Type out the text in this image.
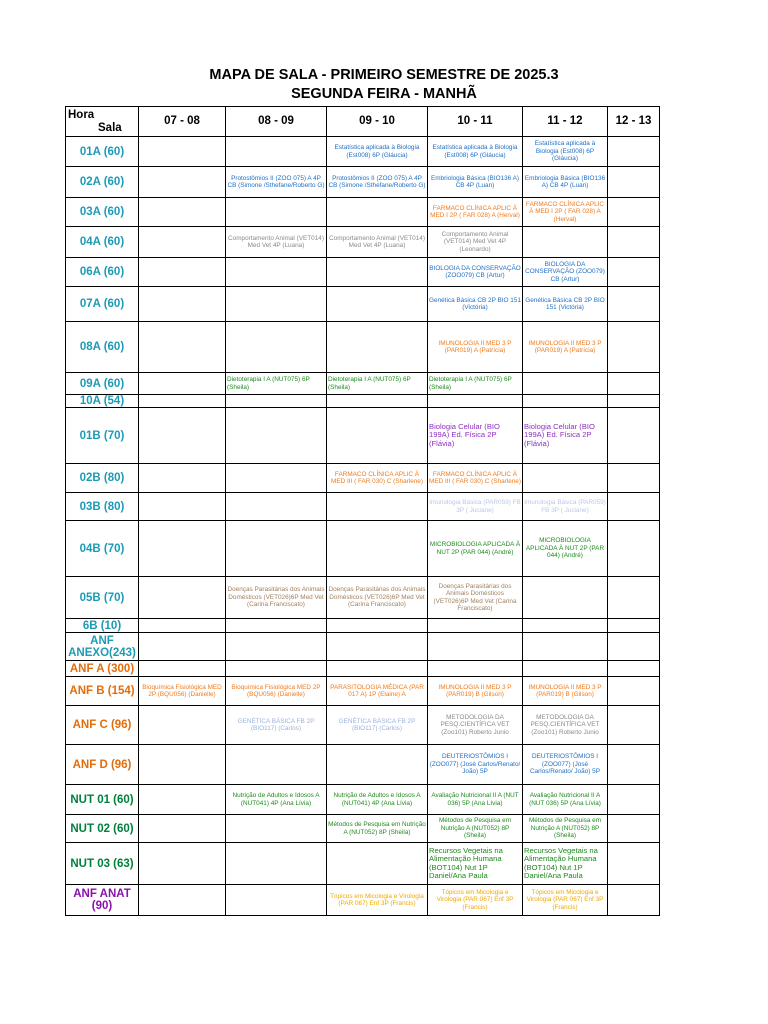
MAPA DE SALA - PRIMEIRO SEMESTRE DE 2025.3
SEGUNDA FEIRA - MANHÃ
Hora
Sala	07 - 08	08 - 09	09 - 10	10 - 11	11 - 12	12 - 13
01A (60)			Estatística aplicada à Biologia (Est008) 6P (Gláucia)	Estatística aplicada à Biologia (Est008) 6P (Gláucia)	Estatística aplicada à Biologia (Est008) 6P (Gláucia)	
02A (60)		Protostômios II (ZOO 075) A 4P CB (Simone /Sthefane/Roberto G)	Protostômios II (ZOO 075) A 4P CB (Simone /Sthefane/Roberto G)	Embriologia Básica (BIO136 A) CB 4P (Luan)	Embriologia Básica (BIO136 A) CB 4P (Luan)	
03A (60)				FARMACO CLÍNICA APLIC À MED I 2P ( FAR 028) A (Herval)	FARMACO CLÍNICA APLIC À MED I 2P ( FAR 028) A (Herval)	
04A (60)		Comportamento Animal (VET014) Med Vet 4P (Luana)	Comportamento Animal (VET014) Med Vet 4P (Luana)	Comportamento Animal (VET014) Med Vet 4P (Leonardo)		
06A (60)				BIOLOGIA DA CONSERVAÇÃO (ZOO079) CB (Artur)	BIOLOGIA DA CONSERVAÇÃO (ZOO079) CB (Artur)	
07A (60)				Genética Básica CB 2P BIO 151 (Victória)	Genética Básica CB 2P BIO 151 (Victória)	
08A (60)				IMUNOLOGIA II MED 3 P (PAR019) A (Patrícia)	IMUNOLOGIA II MED 3 P (PAR019) A (Patrícia)	
09A (60)		Dietoterapia I A (NUT075) 6P (Sheila)	Dietoterapia I A (NUT075) 6P (Sheila)	Dietoterapia I A (NUT075) 6P (Sheila)		
10A (54)						
01B (70)				Biologia Celular (BIO 199A) Ed. Física 2P (Flávia)	Biologia Celular (BIO 199A) Ed. Física 2P (Flávia)	
02B (80)			FARMACO CLÍNICA APLIC À MED III ( FAR 030) C (Sharlene)	FARMACO CLÍNICA APLIC À MED III ( FAR 030) C (Sharlene)		
03B (80)				Imunologia Básica (PAR059) FB 3P ( Juciane)	Imunologia Básica (PAR059) FB 3P ( Juciane)	
04B (70)				MICROBIOLOGIA APLICADA À NUT 2P (PAR 044) (André)	MICROBIOLOGIA APLICADA À NUT 2P (PAR 044) (André)	
05B (70)		Doenças Parasitárias dos Animais Domésticos (VET026)6P Med Vet (Carina Franciscato)	Doenças Parasitárias dos Animais Domésticos (VET026)6P Med Vet (Carina Franciscato)	Doenças Parasitárias dos Animais Domésticos (VET026)6P Med Vet (Carina Franciscato)		
6B (10)						
ANF ANEXO(243)						
ANF A (300)						
ANF B (154)	Bioquímica Fisiológica MED 2P (BQU056) (Danielle)	Bioquímica Fisiológica MED 2P (BQU056) (Danielle)	PARASITOLOGIA MÉDICA (PAR 017 A) 1P (Elaine) A	IMUNOLOGIA II MED 3 P (PAR019) B (Gilson)	IMUNOLOGIA II MED 3 P (PAR019) B (Gilson)	
ANF C (96)		GENÉTICA BÁSICA FB 2P (BIO117) (Carlos)	GENÉTICA BÁSICA FB 2P (BIO117) (Carlos)	METODOLOGIA DA PESQ.CIENTÍFICA VET (Zoo101) Roberto Junio	METODOLOGIA DA PESQ.CIENTÍFICA VET (Zoo101) Roberto Junio	
ANF D (96)				DEUTERIOSTÔMIOS I (ZOO077) (José Carlos/Renato/ João) 5P	DEUTERIOSTÔMIOS I (ZOO077) (José Carlos/Renato/ João) 5P	
NUT 01 (60)		Nutrição de Adultos e Idosos A (NUT041) 4P (Ana Lívia)	Nutrição de Adultos e Idosos A (NUT041) 4P (Ana Lívia)	Avaliação Nutricional II A (NUT 036) 5P (Ana Lívia)	Avaliação Nutricional II A (NUT 036) 5P (Ana Lívia)	
NUT 02 (60)			Métodos de Pesquisa em Nutrição A (NUT052) 8P (Sheila)	Métodos de Pesquisa em Nutrição A (NUT052) 8P (Sheila)	Métodos de Pesquisa em Nutrição A (NUT052) 8P (Sheila)	
NUT 03 (63)				Recursos Vegetais na Alimentação Humana (BOT104) Nut 1P Daniel/Ana Paula	Recursos Vegetais na Alimentação Humana (BOT104) Nut 1P Daniel/Ana Paula	
ANF ANAT (90)			Tópicos em Micologia e Virologia (PAR 067) Enf 3P (Francis)	Tópicos em Micologia e Virologia (PAR 067) Enf 3P (Francis)	Tópicos em Micologia e Virologia (PAR 067) Enf 3P (Francis)	
